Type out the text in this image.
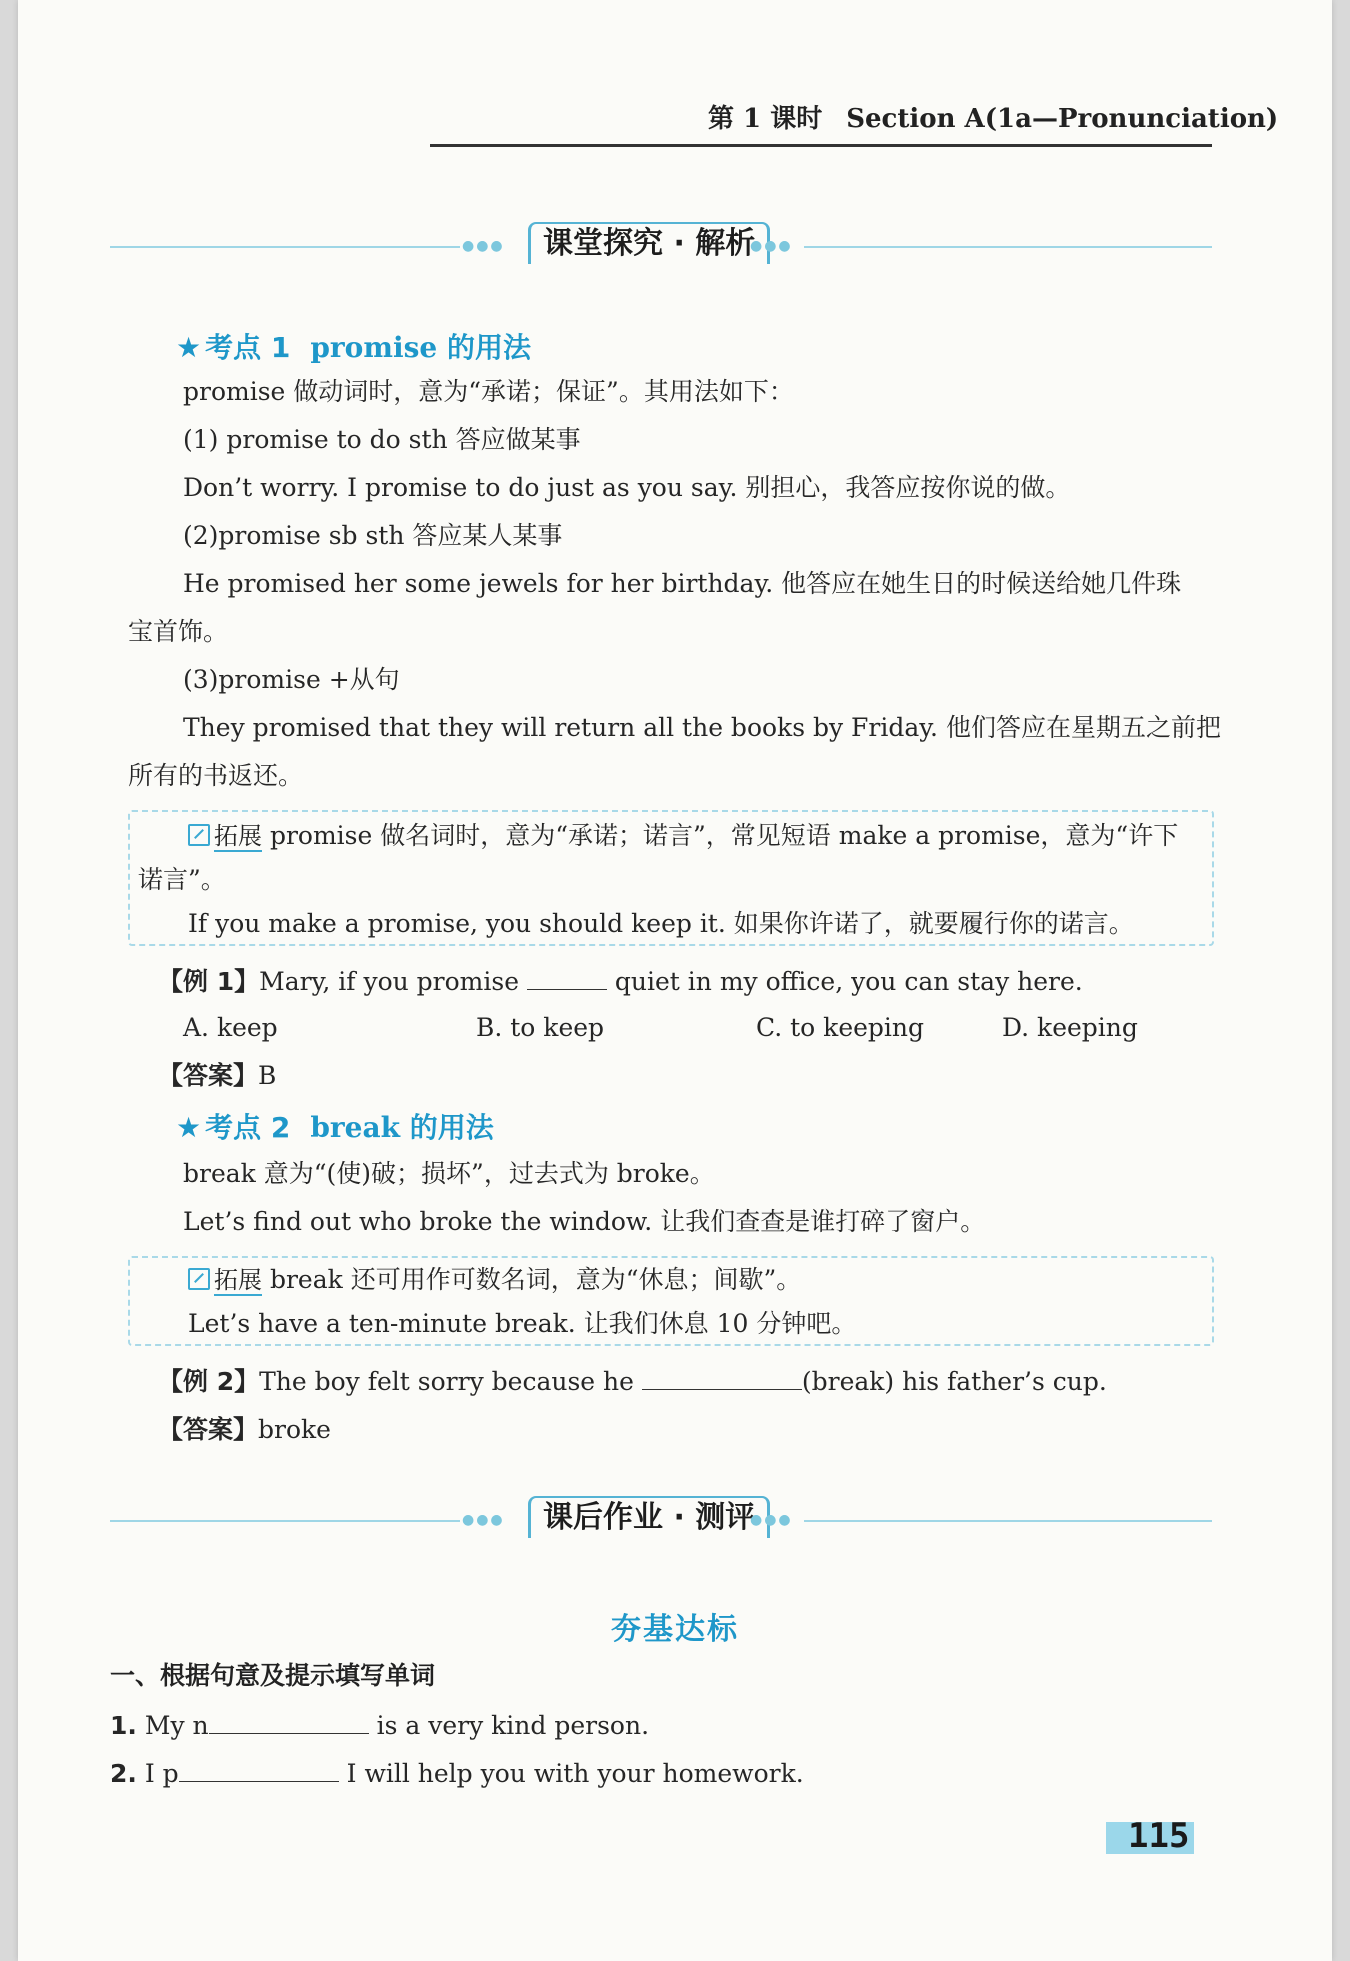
第 1 课时 Section A(1a—Pronunciation)
●●●	课堂探究 · 解析
●●●
★ 考点 1 promise 的用法
promise 做动词时，意为“承诺；保证”。其用法如下：
(1) promise to do sth 答应做某事
Don’t worry. I promise to do just as you say. 别担心，我答应按你说的做。
(2)promise sb sth 答应某人某事
He promised her some jewels for her birthday. 他答应在她生日的时候送给她几件珠
宝首饰。
(3)promise +从句
They promised that they will return all the books by Friday. 他们答应在星期五之前把
所有的书返还。
拓展 promise 做名词时，意为“承诺；诺言”，常见短语 make a promise，意为“许下
诺言”。
If you make a promise, you should keep it. 如果你许诺了，就要履行你的诺言。
【例 1】Mary, if you promise	quiet in my office, you can stay here.
A. keep	B. to keep	C. to keeping	D. keeping
【答案】B
★ 考点 2 break 的用法
break 意为“(使)破；损坏”，过去式为 broke。
Let’s find out who broke the window. 让我们查查是谁打碎了窗户。
拓展 break 还可用作可数名词，意为“休息；间歇”。
Let’s have a ten-minute break. 让我们休息 10 分钟吧。
【例 2】The boy felt sorry because he	(break) his father’s cup.
【答案】broke
●●●	课后作业 · 测评
●●●
夯基达标
一、根据句意及提示填写单词
1. My n	is a very kind person.
2. I p	I will help you with your homework.
115
